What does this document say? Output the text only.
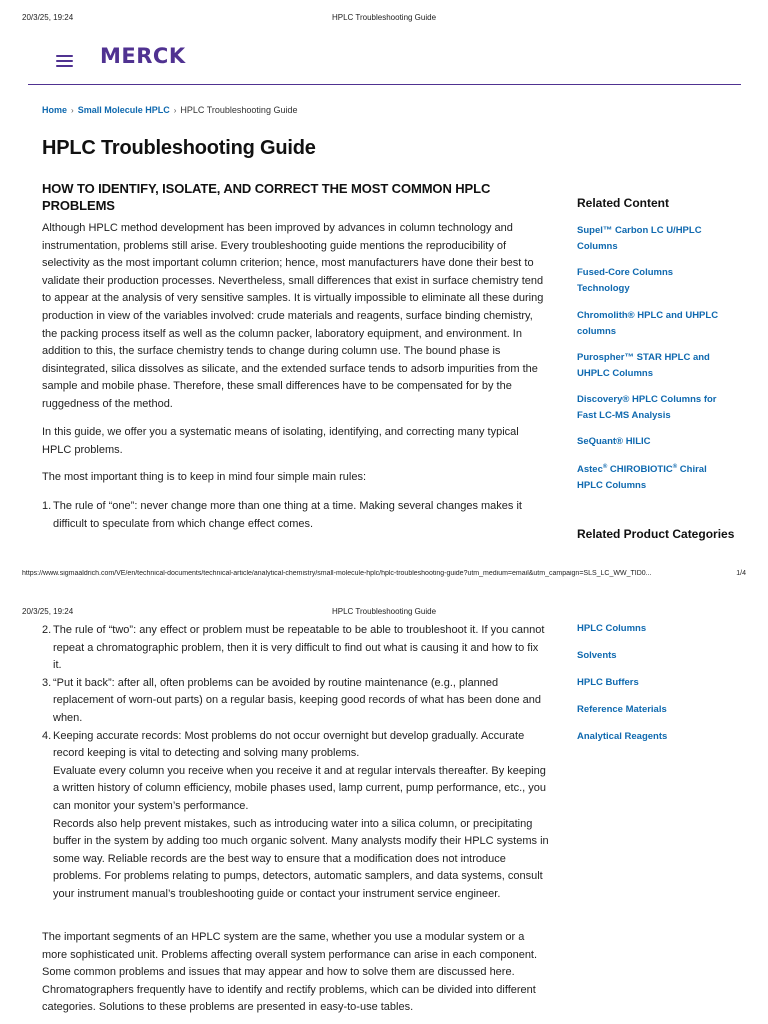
20/3/25, 19:24	HPLC Troubleshooting Guide
MERCK
Home › Small Molecule HPLC › HPLC Troubleshooting Guide
HPLC Troubleshooting Guide
HOW TO IDENTIFY, ISOLATE, AND CORRECT THE MOST COMMON HPLC PROBLEMS

Although HPLC method development has been improved by advances in column technology and instrumentation, problems still arise. Every troubleshooting guide mentions the reproducibility of selectivity as the most important column criterion; hence, most manufacturers have done their best to validate their production processes. Nevertheless, small differences that exist in surface chemistry tend to appear at the analysis of very sensitive samples. It is virtually impossible to eliminate all these during production in view of the variables involved: crude materials and reagents, surface binding chemistry, the packing process itself as well as the column packer, laboratory equipment, and environment. In addition to this, the surface chemistry tends to change during column use. The bound phase is disintegrated, silica dissolves as silicate, and the extended surface tends to adsorb impurities from the sample and mobile phase. Therefore, these small differences have to be compensated for by the ruggedness of the method.

In this guide, we offer you a systematic means of isolating, identifying, and correcting many typical HPLC problems.

The most important thing is to keep in mind four simple main rules:

1. The rule of “one”: never change more than one thing at a time. Making several changes makes it difficult to speculate from which change effect comes.

Related Content
Supel™ Carbon LC U/HPLC Columns
Fused-Core Columns Technology
Chromolith® HPLC and UHPLC columns
Purospher™ STAR HPLC and UHPLC Columns
Discovery® HPLC Columns for Fast LC-MS Analysis
SeQuant® HILIC
Astec® CHIROBIOTIC® Chiral HPLC Columns
Related Product Categories
https://www.sigmaaldrich.com/VE/en/technical-documents/technical-article/analytical-chemistry/small-molecule-hplc/hplc-troubleshooting-guide?utm_medium=email&utm_campaign=SLS_LC_WW_TID0...	1/4
20/3/25, 19:24	HPLC Troubleshooting Guide
2. The rule of “two”: any effect or problem must be repeatable to be able to troubleshoot it. If you cannot repeat a chromatographic problem, then it is very difficult to find out what is causing it and how to fix it.

3. “Put it back”: after all, often problems can be avoided by routine maintenance (e.g., planned replacement of worn-out parts) on a regular basis, keeping good records of what has been done and when.

4. Keeping accurate records: Most problems do not occur overnight but develop gradually. Accurate record keeping is vital to detecting and solving many problems.

Evaluate every column you receive when you receive it and at regular intervals thereafter. By keeping a written history of column efficiency, mobile phases used, lamp current, pump performance, etc., you can monitor your system’s performance.

Records also help prevent mistakes, such as introducing water into a silica column, or precipitating buffer in the system by adding too much organic solvent. Many analysts modify their HPLC systems in some way. Reliable records are the best way to ensure that a modification does not introduce problems. For problems relating to pumps, detectors, automatic samplers, and data systems, consult your instrument manual’s troubleshooting guide or contact your instrument service engineer.

The important segments of an HPLC system are the same, whether you use a modular system or a more sophisticated unit. Problems affecting overall system performance can arise in each component. Some common problems and issues that may appear and how to solve them are discussed here. Chromatographers frequently have to identify and rectify problems, which can be divided into different categories. Solutions to these problems are presented in easy-to-use tables.

HPLC Columns
Solvents
HPLC Buffers
Reference Materials
Analytical Reagents
